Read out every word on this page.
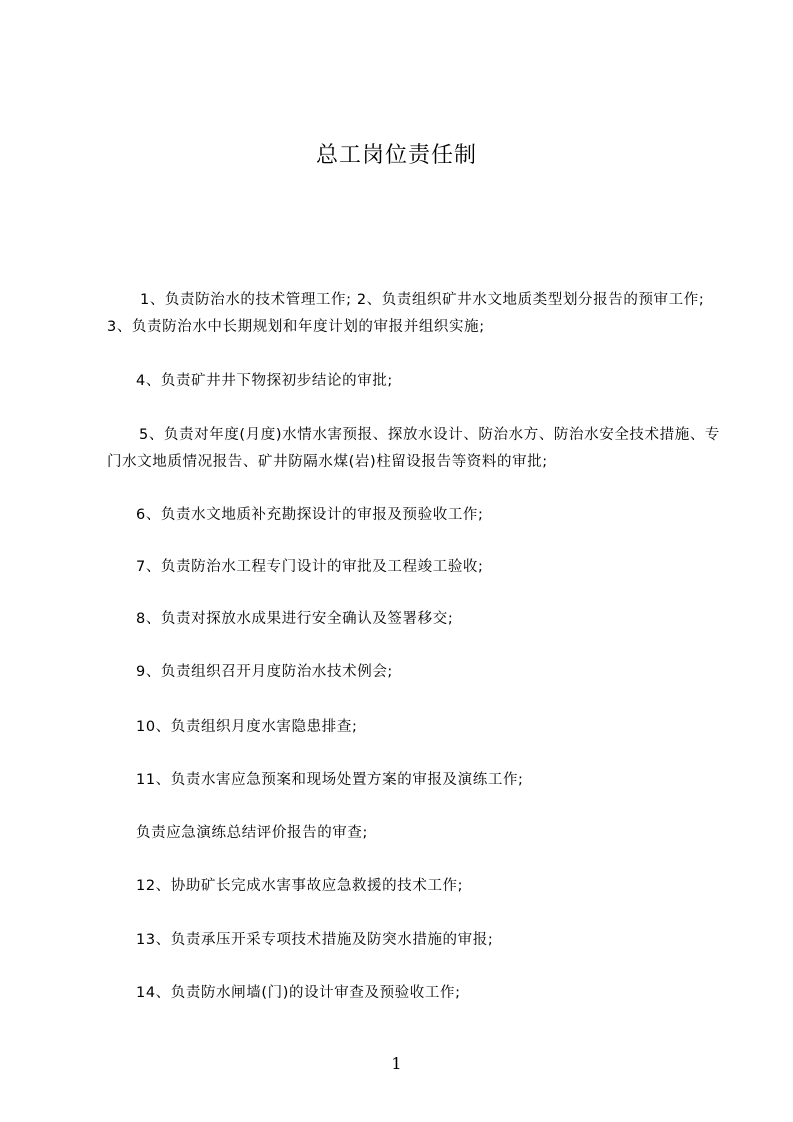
总工岗位责任制
1、负责防治水的技术管理工作; 2、负责组织矿井水文地质类型划分报告的预审工作;3、负责防治水中长期规划和年度计划的审报并组织实施;
4、负责矿井井下物探初步结论的审批;
5、负责对年度(月度)水情水害预报、探放水设计、防治水方、防治水安全技术措施、专门水文地质情况报告、矿井防隔水煤(岩)柱留设报告等资料的审批;
6、负责水文地质补充勘探设计的审报及预验收工作;
7、负责防治水工程专门设计的审批及工程竣工验收;
8、负责对探放水成果进行安全确认及签署移交;
9、负责组织召开月度防治水技术例会;
10、负责组织月度水害隐患排查;
11、负责水害应急预案和现场处置方案的审报及演练工作;
负责应急演练总结评价报告的审查;
12、协助矿长完成水害事故应急救援的技术工作;
13、负责承压开采专项技术措施及防突水措施的审报;
14、负责防水闸墙(门)的设计审查及预验收工作;
1
